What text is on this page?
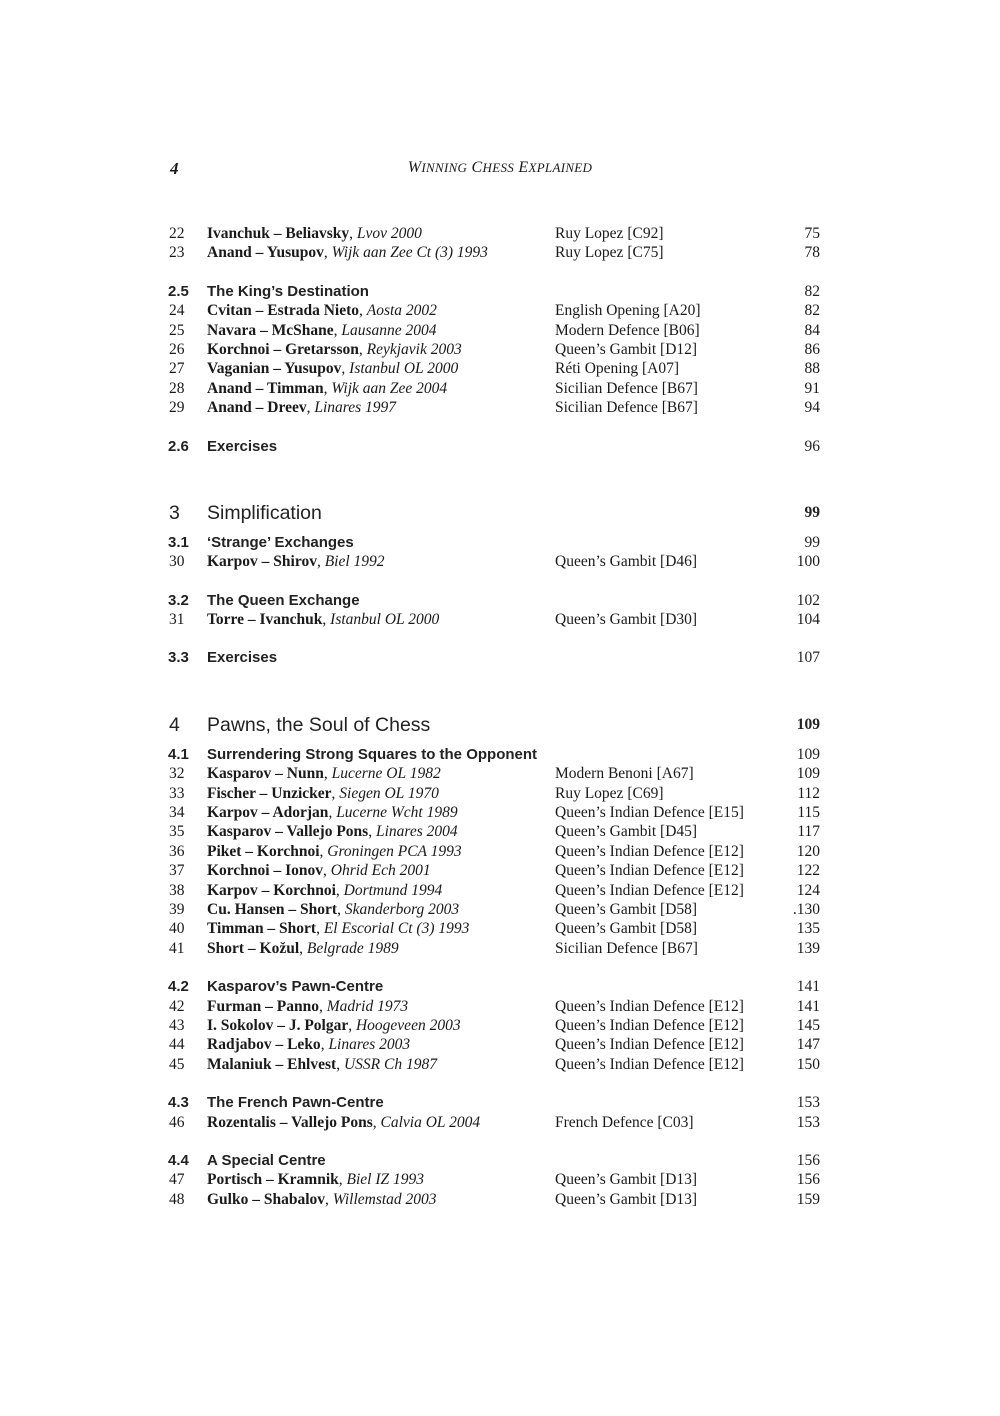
4	WINNING CHESS EXPLAINED
22 Ivanchuk – Beliavsky, Lvov 2000	Ruy Lopez [C92]	75
23 Anand – Yusupov, Wijk aan Zee Ct (3) 1993	Ruy Lopez [C75]	78
2.5 The King’s Destination	82
24 Cvitan – Estrada Nieto, Aosta 2002	English Opening [A20]	82
25 Navara – McShane, Lausanne 2004	Modern Defence [B06]	84
26 Korchnoi – Gretarsson, Reykjavik 2003	Queen’s Gambit [D12]	86
27 Vaganian – Yusupov, Istanbul OL 2000	Réti Opening [A07]	88
28 Anand – Timman, Wijk aan Zee 2004	Sicilian Defence [B67]	91
29 Anand – Dreev, Linares 1997	Sicilian Defence [B67]	94
2.6 Exercises	96
3 Simplification	99
3.1 ‘Strange’ Exchanges	99
30 Karpov – Shirov, Biel 1992	Queen’s Gambit [D46]	100
3.2 The Queen Exchange	102
31 Torre – Ivanchuk, Istanbul OL 2000	Queen’s Gambit [D30]	104
3.3 Exercises	107
4 Pawns, the Soul of Chess	109
4.1 Surrendering Strong Squares to the Opponent	109
32 Kasparov – Nunn, Lucerne OL 1982	Modern Benoni [A67]	109
33 Fischer – Unzicker, Siegen OL 1970	Ruy Lopez [C69]	112
34 Karpov – Adorjan, Lucerne Wcht 1989	Queen’s Indian Defence [E15]	115
35 Kasparov – Vallejo Pons, Linares 2004	Queen’s Gambit [D45]	117
36 Piket – Korchnoi, Groningen PCA 1993	Queen’s Indian Defence [E12]	120
37 Korchnoi – Ionov, Ohrid Ech 2001	Queen’s Indian Defence [E12]	122
38 Karpov – Korchnoi, Dortmund 1994	Queen’s Indian Defence [E12]	124
39 Cu. Hansen – Short, Skanderborg 2003	Queen’s Gambit [D58]	.130
40 Timman – Short, El Escorial Ct (3) 1993	Queen’s Gambit [D58]	135
41 Short – Kožul, Belgrade 1989	Sicilian Defence [B67]	139
4.2 Kasparov’s Pawn-Centre	141
42 Furman – Panno, Madrid 1973	Queen’s Indian Defence [E12]	141
43 I. Sokolov – J. Polgar, Hoogeveen 2003	Queen’s Indian Defence [E12]	145
44 Radjabov – Leko, Linares 2003	Queen’s Indian Defence [E12]	147
45 Malaniuk – Ehlvest, USSR Ch 1987	Queen’s Indian Defence [E12]	150
4.3 The French Pawn-Centre	153
46 Rozentalis – Vallejo Pons, Calvia OL 2004	French Defence [C03]	153
4.4 A Special Centre	156
47 Portisch – Kramnik, Biel IZ 1993	Queen’s Gambit [D13]	156
48 Gulko – Shabalov, Willemstad 2003	Queen’s Gambit [D13]	159
